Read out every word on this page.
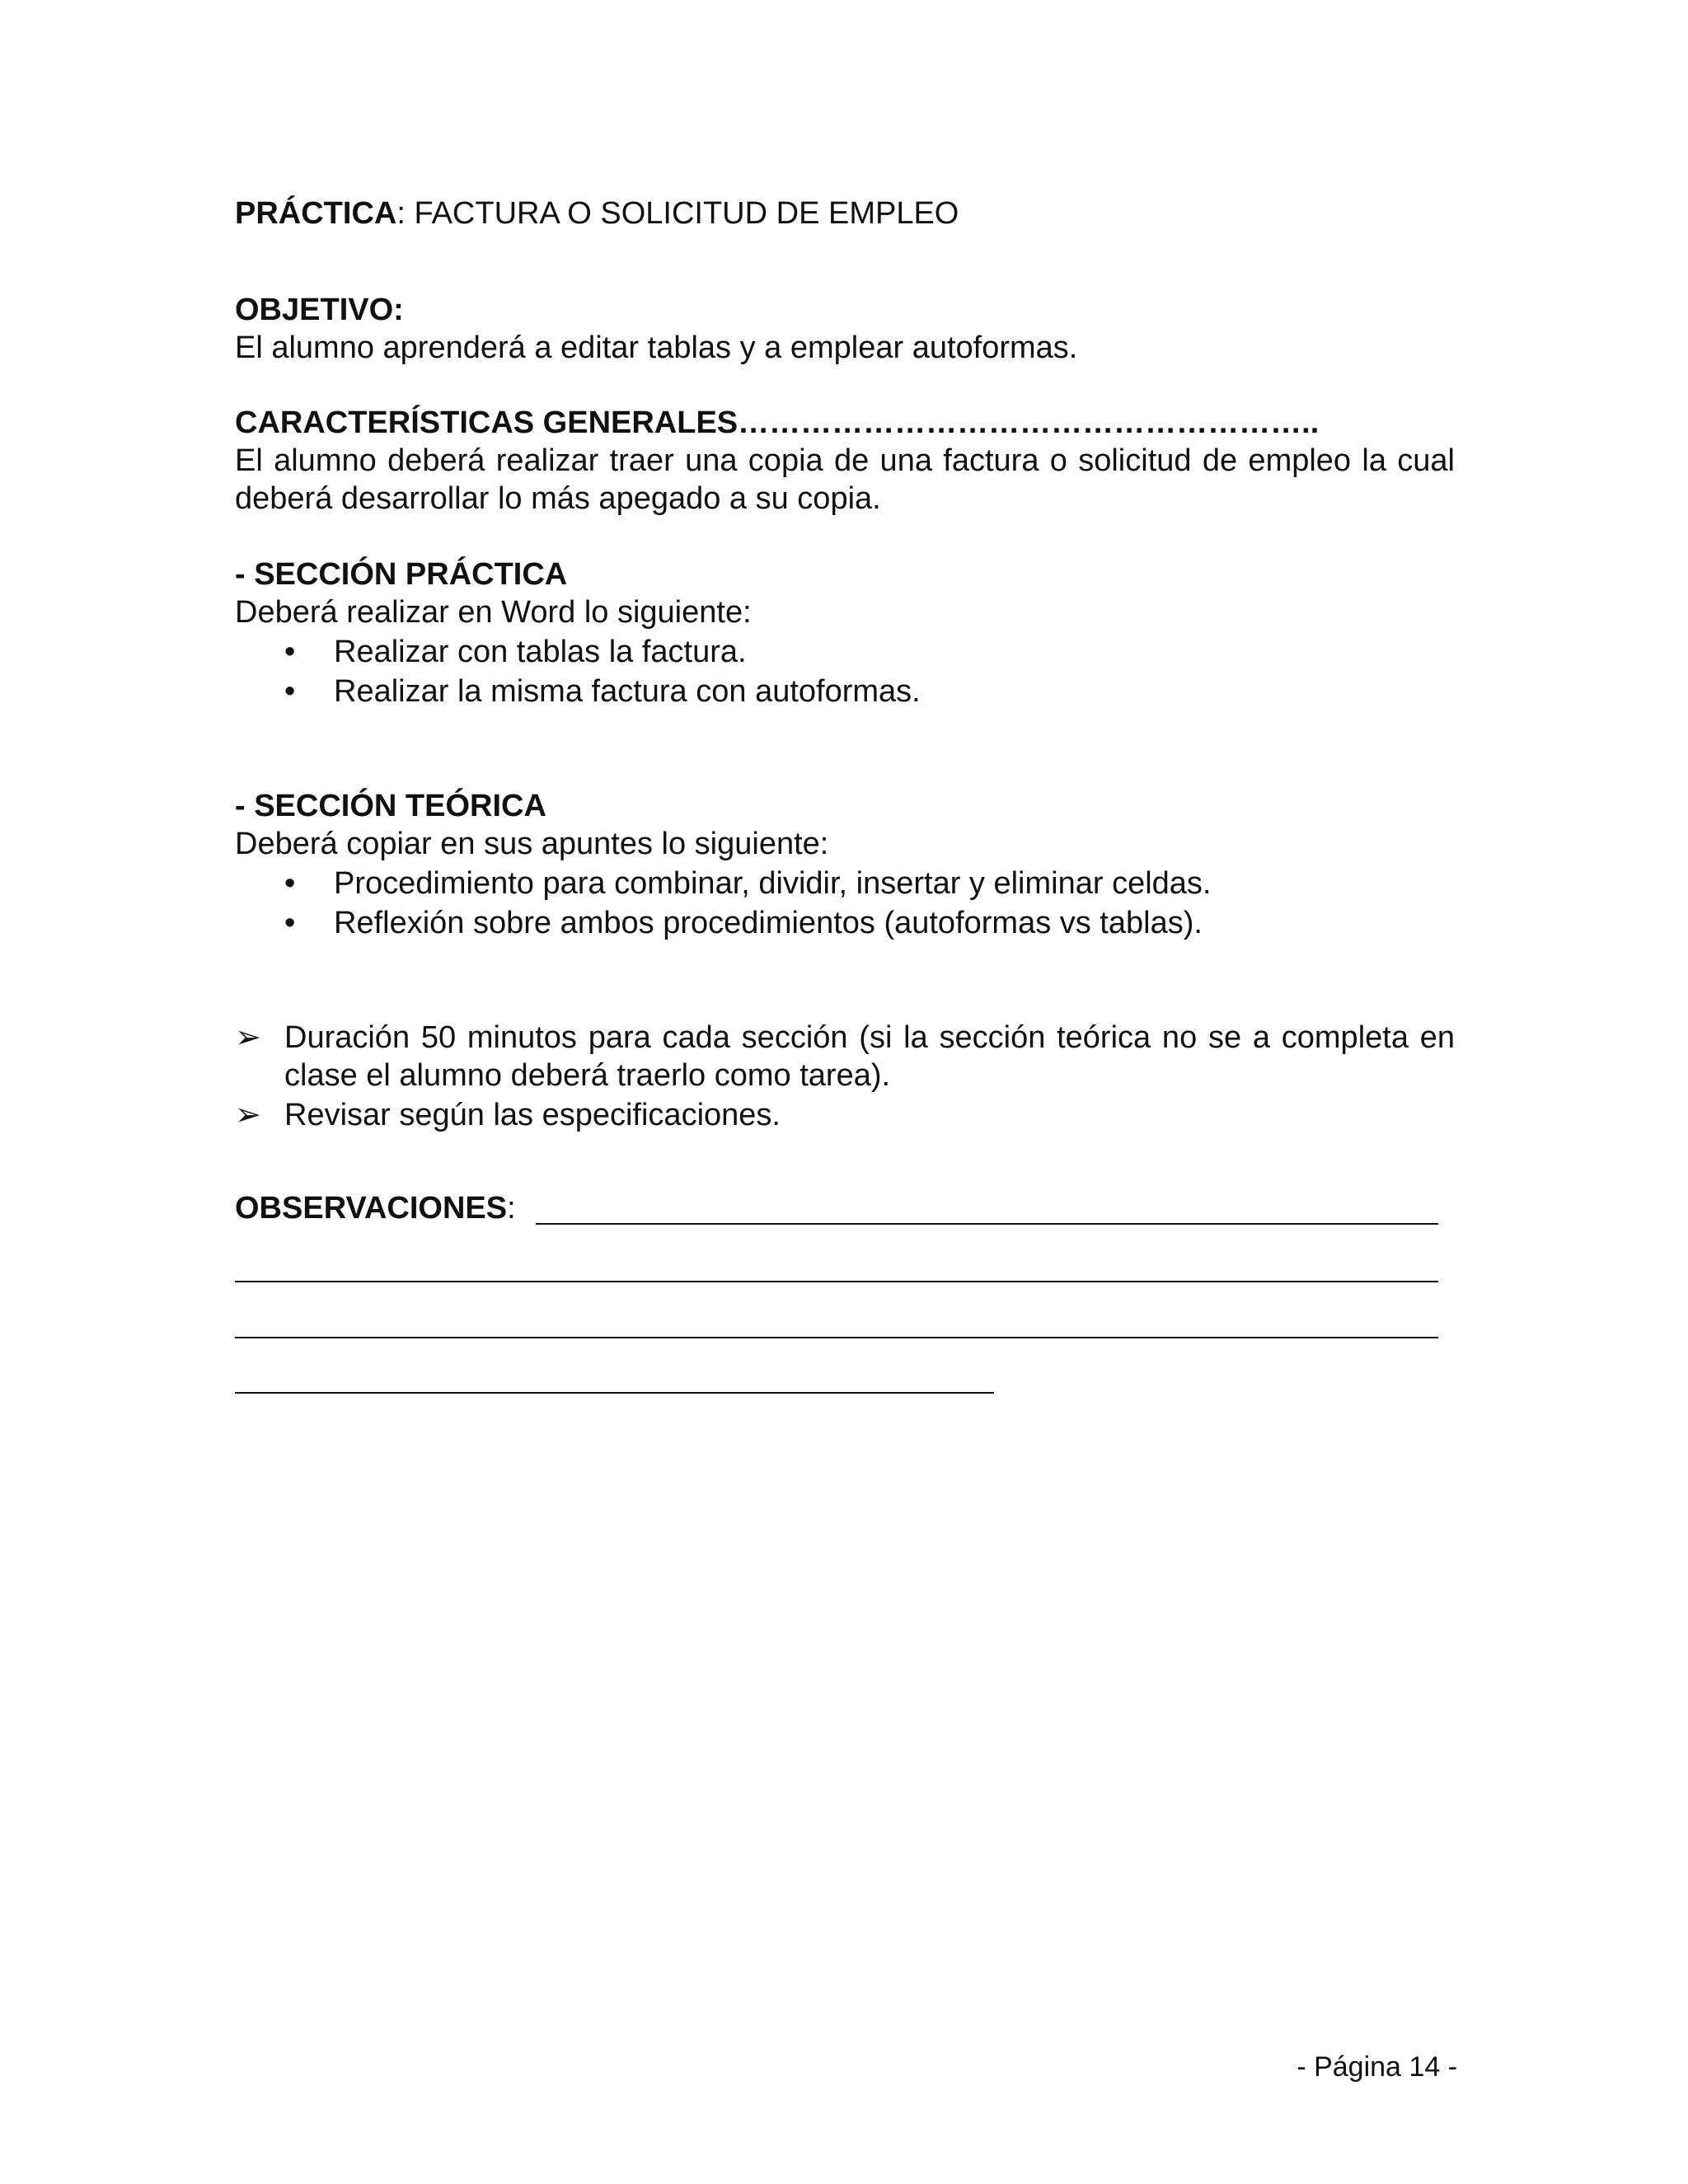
PRÁCTICA: FACTURA O SOLICITUD DE EMPLEO
OBJETIVO:
El alumno aprenderá a editar tablas y a emplear autoformas.
CARACTERÍSTICAS GENERALES………………………………………………..
El alumno deberá realizar traer una copia de una factura o solicitud de empleo la cual deberá desarrollar lo más apegado a su copia.
- SECCIÓN PRÁCTICA
Deberá realizar en Word lo siguiente:
• Realizar con tablas la factura.
• Realizar la misma factura con autoformas.
- SECCIÓN TEÓRICA
Deberá copiar en sus apuntes lo siguiente:
• Procedimiento para combinar, dividir, insertar y eliminar celdas.
• Reflexión sobre ambos procedimientos (autoformas vs tablas).
➢ Duración 50 minutos para cada sección (si la sección teórica no se a completa en clase el alumno deberá traerlo como tarea).
➢ Revisar según las especificaciones.
OBSERVACIONES:
- Página 14 -
